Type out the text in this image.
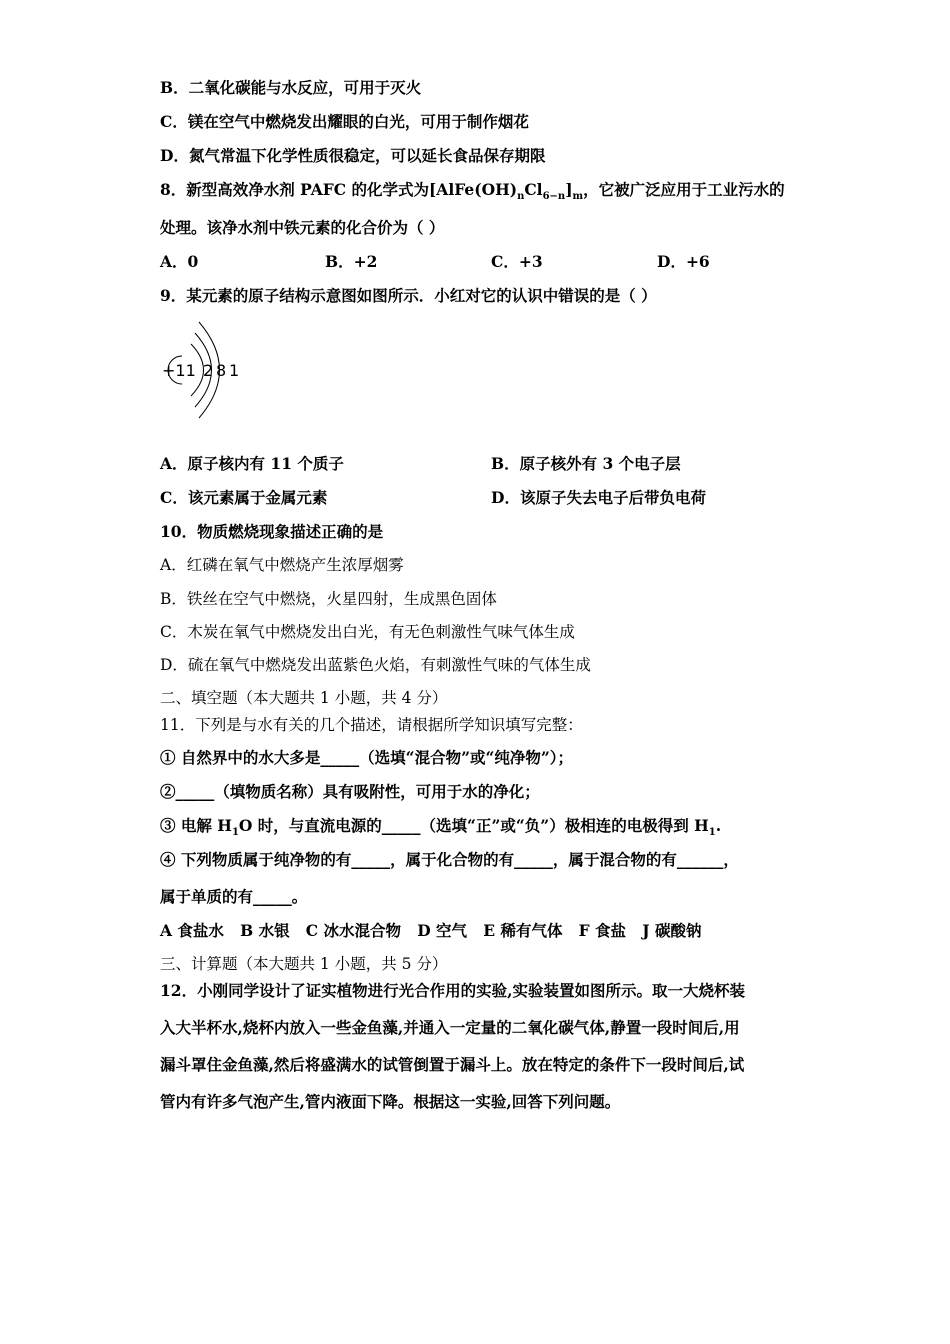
B．二氧化碳能与水反应，可用于灭火
C．镁在空气中燃烧发出耀眼的白光，可用于制作烟花
D．氮气常温下化学性质很稳定，可以延长食品保存期限
8．新型高效净水剂 PAFC 的化学式为$[AlFe(OH)_nCl_{6-n}]_m$，它被广泛应用于工业污水的
处理。该净水剂中铁元素的化合价为（ ）
A．0	B．+2	C．+3	D．+6
9．某元素的原子结构示意图如图所示．小红对它的认识中错误的是（ ）
+11 2 8 1
A．原子核内有 11 个质子	B．原子核外有 3 个电子层
C．该元素属于金属元素	D．该原子失去电子后带负电荷
10．物质燃烧现象描述正确的是
A．红磷在氧气中燃烧产生浓厚烟雾
B．铁丝在空气中燃烧，火星四射，生成黑色固体
C．木炭在氧气中燃烧发出白光，有无色刺激性气味气体生成
D．硫在氧气中燃烧发出蓝紫色火焰，有刺激性气味的气体生成
二、填空题（本大题共 1 小题，共 4 分）
11．下列是与水有关的几个描述，请根据所学知识填写完整：
① 自然界中的水大多是_____（选填“混合物”或“纯净物”）；
②_____（填物质名称）具有吸附性，可用于水的净化；
③ 电解 $H_1O$ 时，与直流电源的_____（选填“正”或“负”）极相连的电极得到 $H_1$.
④ 下列物质属于纯净物的有_____，属于化合物的有_____，属于混合物的有______，
属于单质的有_____。
A 食盐水   B 水银   C 冰水混合物   D 空气   E 稀有气体   F 食盐   J 碳酸钠
三、计算题（本大题共 1 小题，共 5 分）
12．小刚同学设计了证实植物进行光合作用的实验,实验装置如图所示。取一大烧杯装
入大半杯水,烧杯内放入一些金鱼藻,并通入一定量的二氧化碳气体,静置一段时间后,用
漏斗罩住金鱼藻,然后将盛满水的试管倒置于漏斗上。放在特定的条件下一段时间后,试
管内有许多气泡产生,管内液面下降。根据这一实验,回答下列问题。
